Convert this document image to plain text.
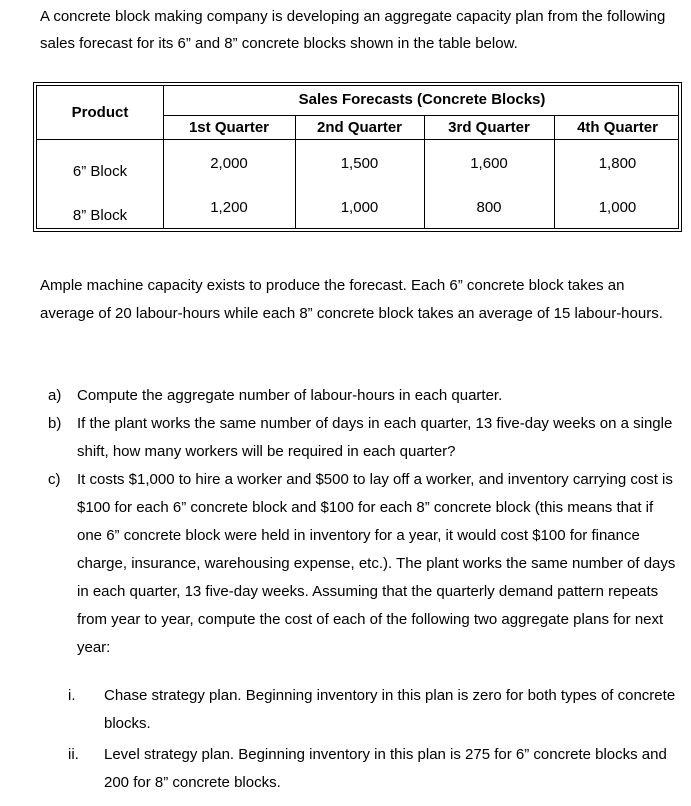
A concrete block making company is developing an aggregate capacity plan from the following sales forecast for its 6” and 8” concrete blocks shown in the table below.

Product
Sales Forecasts (Concrete Blocks)
1st Quarter	2nd Quarter	3rd Quarter	4th Quarter
6” Block	2,000	1,500	1,600	1,800
8” Block	1,200	1,000	800	1,000

Ample machine capacity exists to produce the forecast. Each 6” concrete block takes an average of 20 labour-hours while each 8” concrete block takes an average of 15 labour-hours.

a) Compute the aggregate number of labour-hours in each quarter.
b) If the plant works the same number of days in each quarter, 13 five-day weeks on a single shift, how many workers will be required in each quarter?
c) It costs $1,000 to hire a worker and $500 to lay off a worker, and inventory carrying cost is $100 for each 6” concrete block and $100 for each 8” concrete block (this means that if one 6” concrete block were held in inventory for a year, it would cost $100 for finance charge, insurance, warehousing expense, etc.). The plant works the same number of days in each quarter, 13 five-day weeks. Assuming that the quarterly demand pattern repeats from year to year, compute the cost of each of the following two aggregate plans for next year:
i. Chase strategy plan. Beginning inventory in this plan is zero for both types of concrete blocks.
ii. Level strategy plan. Beginning inventory in this plan is 275 for 6” concrete blocks and 200 for 8” concrete blocks.
